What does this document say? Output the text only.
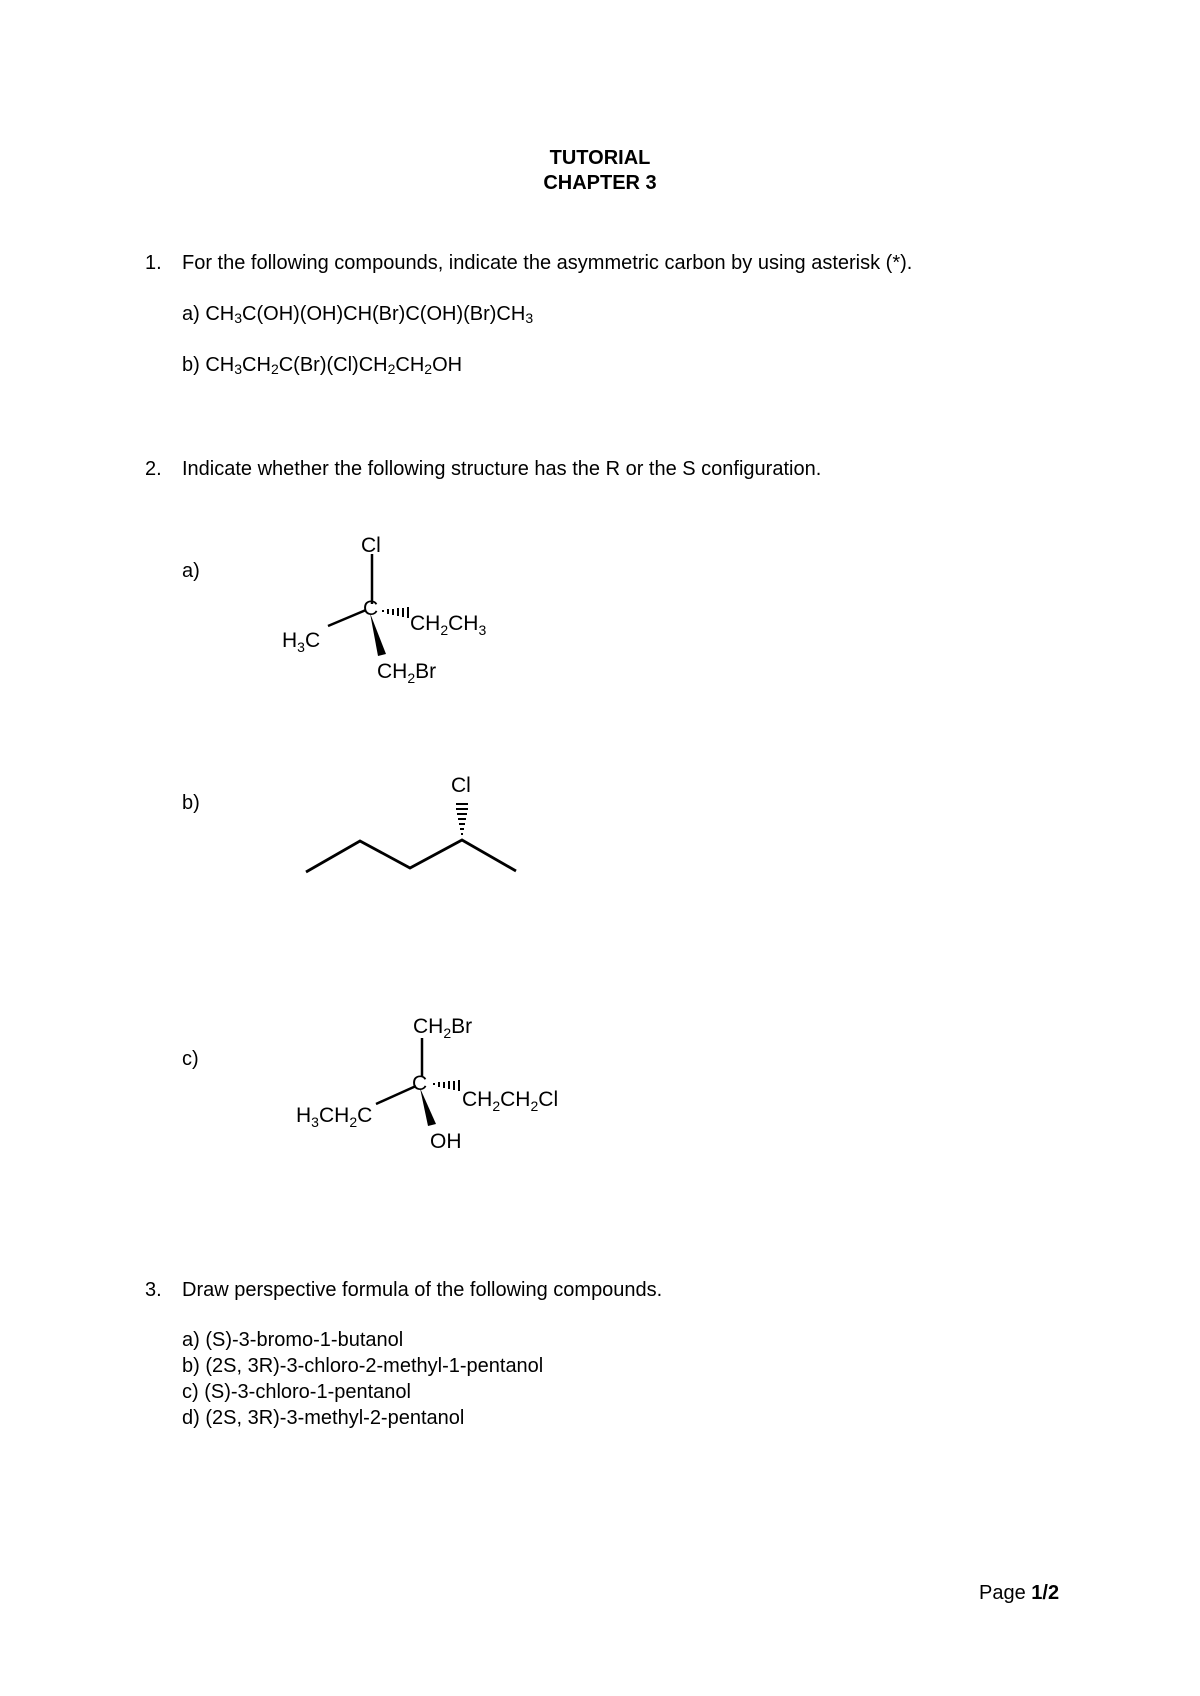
TUTORIAL
CHAPTER 3
1. For the following compounds, indicate the asymmetric carbon by using asterisk (*).
a) $CH_3C(OH)(OH)CH(Br)C(OH)(Br)CH_3$
b) $CH_3CH_2C(Br)(Cl)CH_2CH_2OH$
2. Indicate whether the following structure has the R or the S configuration.
a)
Cl
C
$H_3C$
$CH_2CH_3$
$CH_2Br$
b)
Cl
c)
$CH_2Br$
C
$H_3CH_2C$
$CH_2CH_2Cl$
OH
3. Draw perspective formula of the following compounds.
a) (S)-3-bromo-1-butanol
b) (2S, 3R)-3-chloro-2-methyl-1-pentanol
c) (S)-3-chloro-1-pentanol
d) (2S, 3R)-3-methyl-2-pentanol
Page 1/2
